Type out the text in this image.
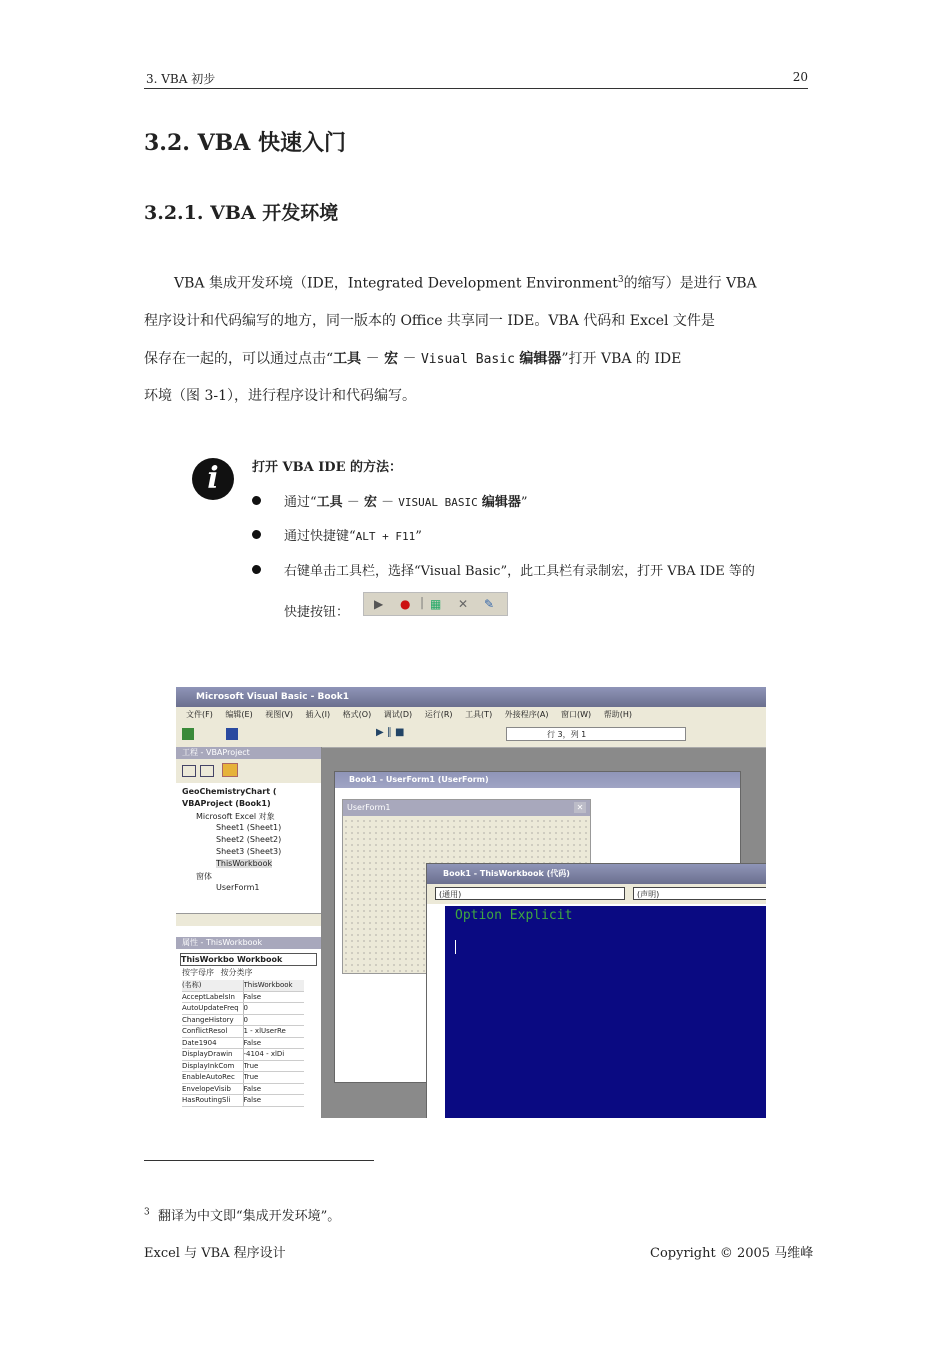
3. VBA 初步	20
3.2. VBA 快速入门
3.2.1. VBA 开发环境
VBA 集成开发环境（IDE，Integrated Development Environment$^3$的缩写）是进行 VBA
程序设计和代码编写的地方，同一版本的 Office 共享同一 IDE。VBA 代码和 Excel 文件是
保存在一起的，可以通过点击“工具 － 宏 － Visual Basic 编辑器”打开 VBA 的 IDE
环境（图 3-1），进行程序设计和代码编写。
i	打开 VBA IDE 的方法：
通过“工具 － 宏 － VISUAL BASIC 编辑器”
通过快捷键“ALT + F11”
右键单击工具栏，选择“Visual Basic”，此工具栏有录制宏，打开 VBA IDE 等的
快捷按钮：
▶ ● | ▦ ✕ ✎
Microsoft Visual Basic - Book1
文件(F) 编辑(E) 视图(V) 插入(I) 格式(O) 调试(D) 运行(R) 工具(T) 外接程序(A) 窗口(W) 帮助(H)
▶ ∥ ■	行 3，列 1
工程 - VBAProject
GeoChemistryChart (
VBAProject (Book1)
Microsoft Excel 对象
Sheet1 (Sheet1)
Sheet2 (Sheet2)
Sheet3 (Sheet3)
ThisWorkbook
窗体
UserForm1
属性 - ThisWorkbook
ThisWorkbo Workbook
按字母序 按分类序
(名称)	ThisWorkbook
AcceptLabelsIn	False
AutoUpdateFreq 0
ChangeHistory	0
ConflictResol	1 - xlUserRe
Date1904	False
DisplayDrawin	-4104 - xlDi
DisplayInkCom	True
EnableAutoRec	True
EnvelopeVisib	False
HasRoutingSli	False
Book1 - UserForm1 (UserForm)
UserForm1	✕
Book1 - ThisWorkbook (代码)
(通用)	(声明)
Option Explicit
$^3$ 翻译为中文即“集成开发环境”。
Excel 与 VBA 程序设计	Copyright © 2005 马维峰
